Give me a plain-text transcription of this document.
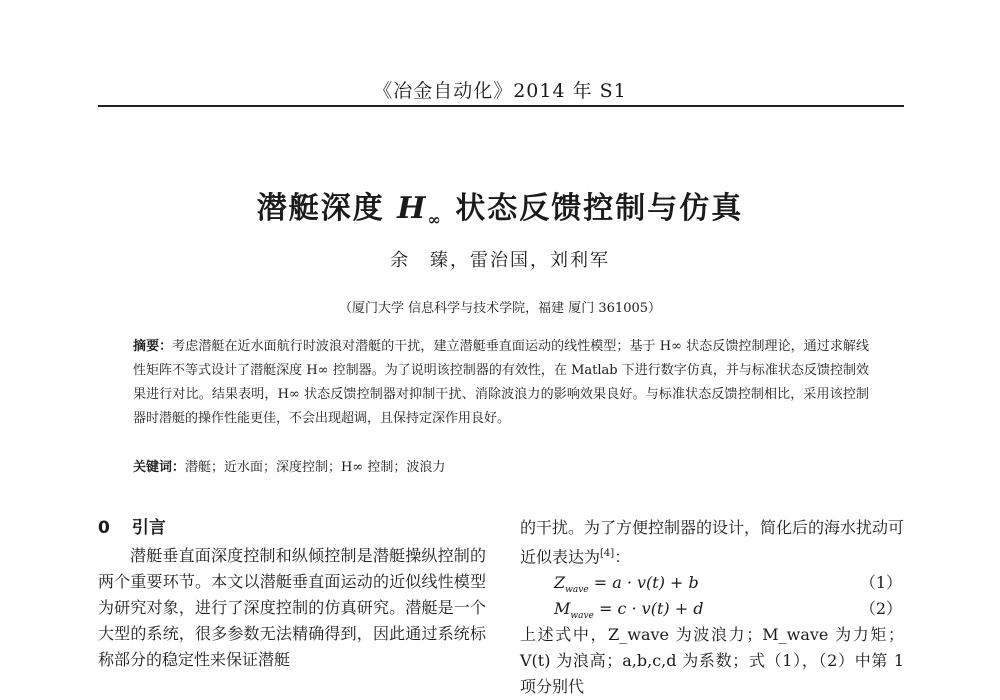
《冶金自动化》2014 年 S1
潜艇深度 $H_\infty$ 状态反馈控制与仿真
余　臻，雷治国，刘利军
（厦门大学 信息科学与技术学院，福建 厦门 361005）
摘要：考虑潜艇在近水面航行时波浪对潜艇的干扰，建立潜艇垂直面运动的线性模型；基于 H∞ 状态反馈控制理论，通过求解线性矩阵不等式设计了潜艇深度 H∞ 控制器。为了说明该控制器的有效性，在 Matlab 下进行数字仿真，并与标准状态反馈控制效果进行对比。结果表明，H∞ 状态反馈控制器对抑制干扰、消除波浪力的影响效果良好。与标准状态反馈控制相比，采用该控制器时潜艇的操作性能更佳，不会出现超调，且保持定深作用良好。
关键词：潜艇；近水面；深度控制；H∞ 控制；波浪力
0 引言
潜艇垂直面深度控制和纵倾控制是潜艇操纵控制的两个重要环节。本文以潜艇垂直面运动的近似线性模型为研究对象，进行了深度控制的仿真研究。潜艇是一个大型的系统，很多参数无法精确得到，因此通过系统标称部分的稳定性来保证潜艇
的干扰。为了方便控制器的设计，简化后的海水扰动可近似表达为[4]：
$Z_{wave} = a \cdot v(t) + b$	（1）
$M_{wave} = c \cdot v(t) + d$	（2）
上述式中，Z_wave 为波浪力；M_wave 为力矩；V(t) 为浪高；a,b,c,d 为系数；式（1），（2）中第 1 项分别代
